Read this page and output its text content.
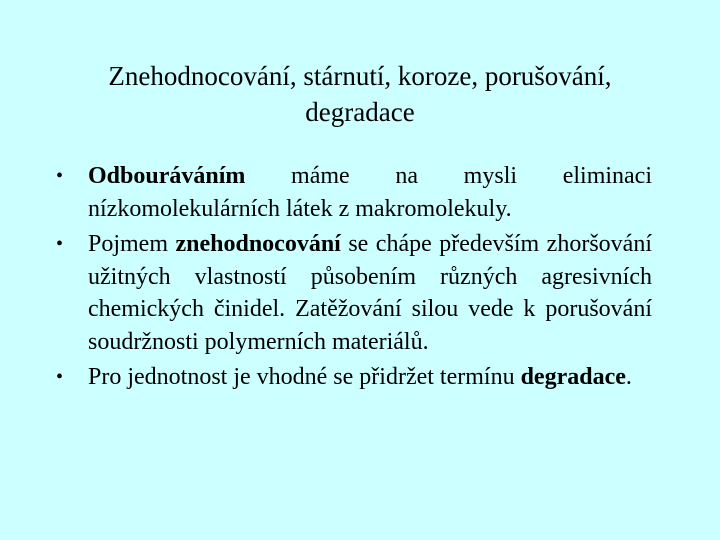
Znehodnocování, stárnutí, koroze, porušování,
degradace
•	Odbouráváním máme na mysli eliminaci nízkomolekulárních látek z makromolekuly.
•	Pojmem znehodnocování se chápe především zhoršování užitných vlastností působením různých agresivních chemických činidel. Zatěžování silou vede k porušování soudržnosti polymerních materiálů.
•	Pro jednotnost je vhodné se přidržet termínu degradace.
